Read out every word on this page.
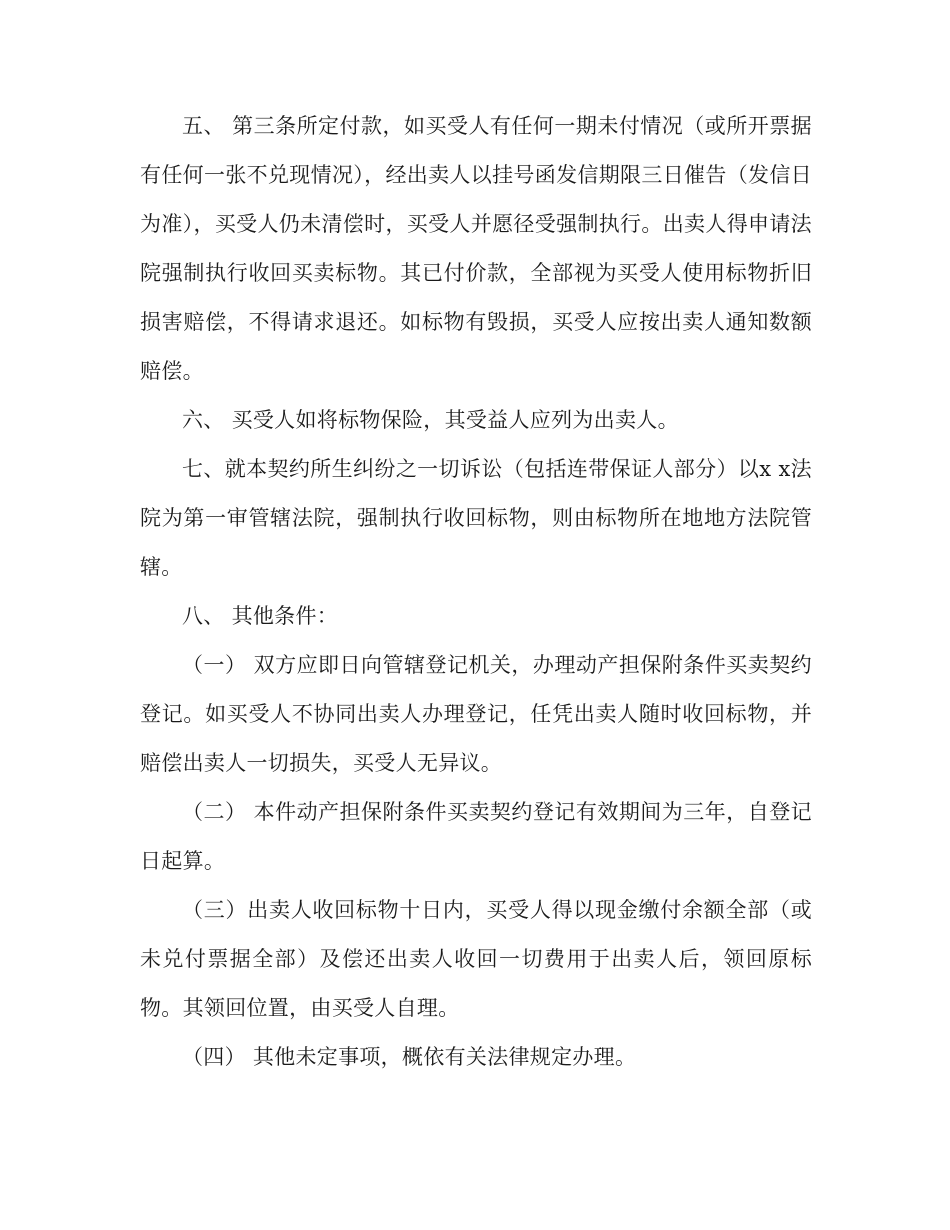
五、 第三条所定付款，如买受人有任何一期未付情况（或所开票据有任何一张不兑现情况），经出卖人以挂号函发信期限三日催告（发信日为准），买受人仍未清偿时，买受人并愿径受强制执行。出卖人得申请法院强制执行收回买卖标物。其已付价款，全部视为买受人使用标物折旧损害赔偿，不得请求退还。如标物有毁损，买受人应按出卖人通知数额赔偿。

六、 买受人如将标物保险，其受益人应列为出卖人。

七、就本契约所生纠纷之一切诉讼（包括连带保证人部分）以x x法院为第一审管辖法院，强制执行收回标物，则由标物所在地地方法院管辖。

八、 其他条件：

（一） 双方应即日向管辖登记机关，办理动产担保附条件买卖契约登记。如买受人不协同出卖人办理登记，任凭出卖人随时收回标物，并赔偿出卖人一切损失，买受人无异议。

（二） 本件动产担保附条件买卖契约登记有效期间为三年，自登记日起算。

（三）出卖人收回标物十日内，买受人得以现金缴付余额全部（或未兑付票据全部）及偿还出卖人收回一切费用于出卖人后，领回原标物。其领回位置，由买受人自理。

（四） 其他未定事项，概依有关法律规定办理。
